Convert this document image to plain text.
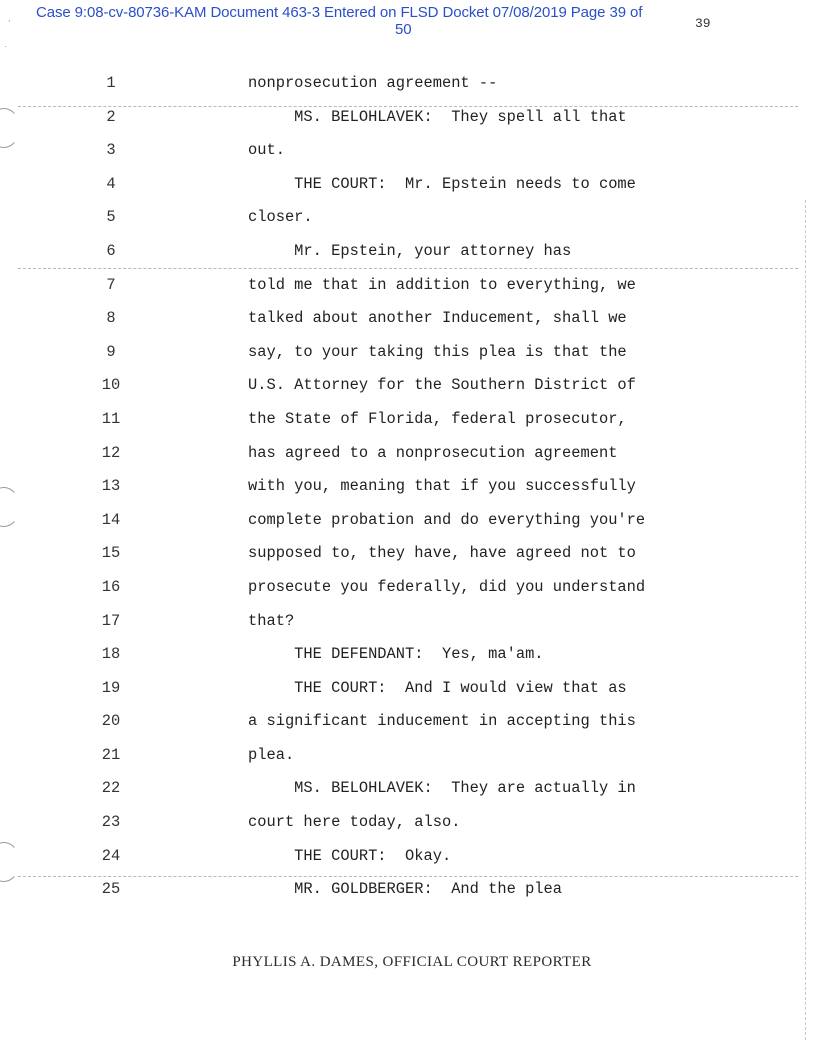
Case 9:08-cv-80736-KAM Document 463-3 Entered on FLSD Docket 07/08/2019 Page 39 of
50	39
,
.
1	nonprosecution agreement --
2	MS. BELOHLAVEK:  They spell all that
3	out.
4	THE COURT:  Mr. Epstein needs to come
5	closer.
6	Mr. Epstein, your attorney has
7	told me that in addition to everything, we
8	talked about another Inducement, shall we
9	say, to your taking this plea is that the
10	U.S. Attorney for the Southern District of
11	the State of Florida, federal prosecutor,
12	has agreed to a nonprosecution agreement
13	with you, meaning that if you successfully
14	complete probation and do everything you're
15	supposed to, they have, have agreed not to
16	prosecute you federally, did you understand
17	that?
18	THE DEFENDANT:  Yes, ma'am.
19	THE COURT:  And I would view that as
20	a significant inducement in accepting this
21	plea.
22	MS. BELOHLAVEK:  They are actually in
23	court here today, also.
24	THE COURT:  Okay.
25	MR. GOLDBERGER:  And the plea
PHYLLIS A. DAMES, OFFICIAL COURT REPORTER
